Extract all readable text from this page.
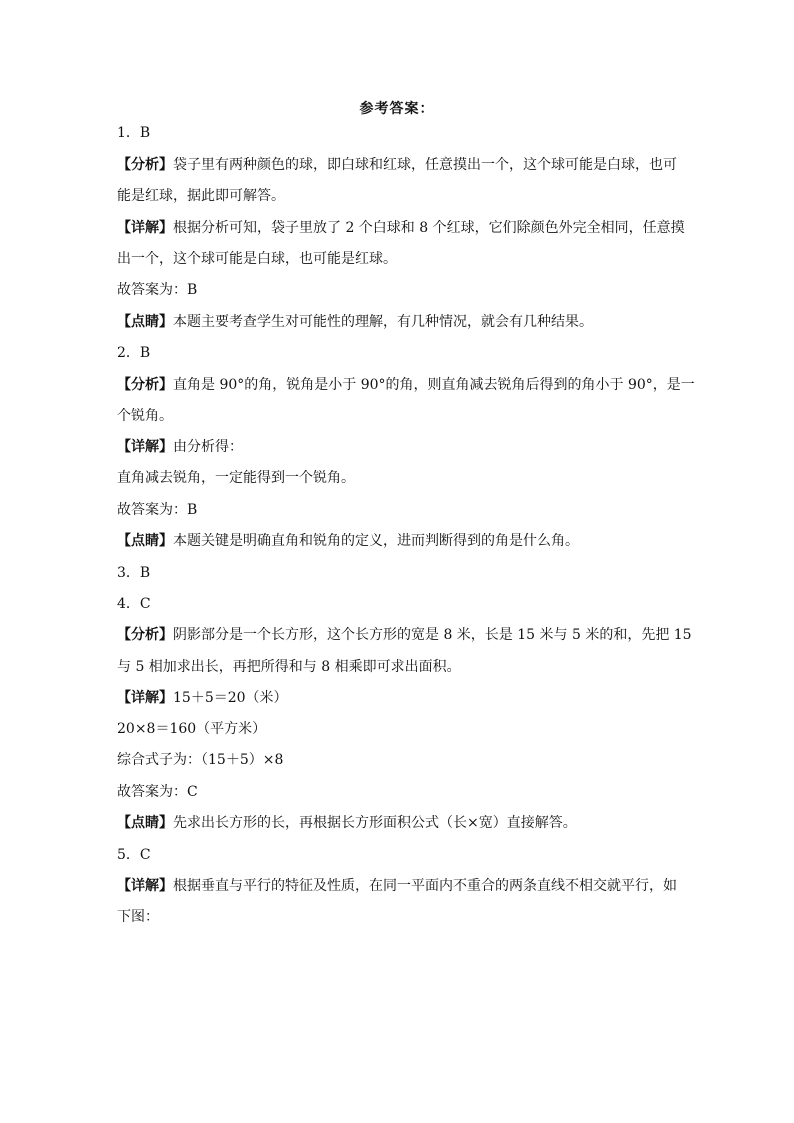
参考答案：
1．B
【分析】袋子里有两种颜色的球，即白球和红球，任意摸出一个，这个球可能是白球，也可
能是红球，据此即可解答。
【详解】根据分析可知，袋子里放了 2 个白球和 8 个红球，它们除颜色外完全相同，任意摸
出一个，这个球可能是白球，也可能是红球。
故答案为：B
【点睛】本题主要考查学生对可能性的理解，有几种情况，就会有几种结果。
2．B
【分析】直角是 90°的角，锐角是小于 90°的角，则直角减去锐角后得到的角小于 90°，是一
个锐角。
【详解】由分析得：
直角减去锐角，一定能得到一个锐角。
故答案为：B
【点睛】本题关键是明确直角和锐角的定义，进而判断得到的角是什么角。
3．B
4．C
【分析】阴影部分是一个长方形，这个长方形的宽是 8 米，长是 15 米与 5 米的和，先把 15
与 5 相加求出长，再把所得和与 8 相乘即可求出面积。
【详解】15＋5＝20（米）
20×8＝160（平方米）
综合式子为：（15＋5）×8
故答案为：C
【点睛】先求出长方形的长，再根据长方形面积公式（长×宽）直接解答。
5．C
【详解】根据垂直与平行的特征及性质，在同一平面内不重合的两条直线不相交就平行，如
下图：
